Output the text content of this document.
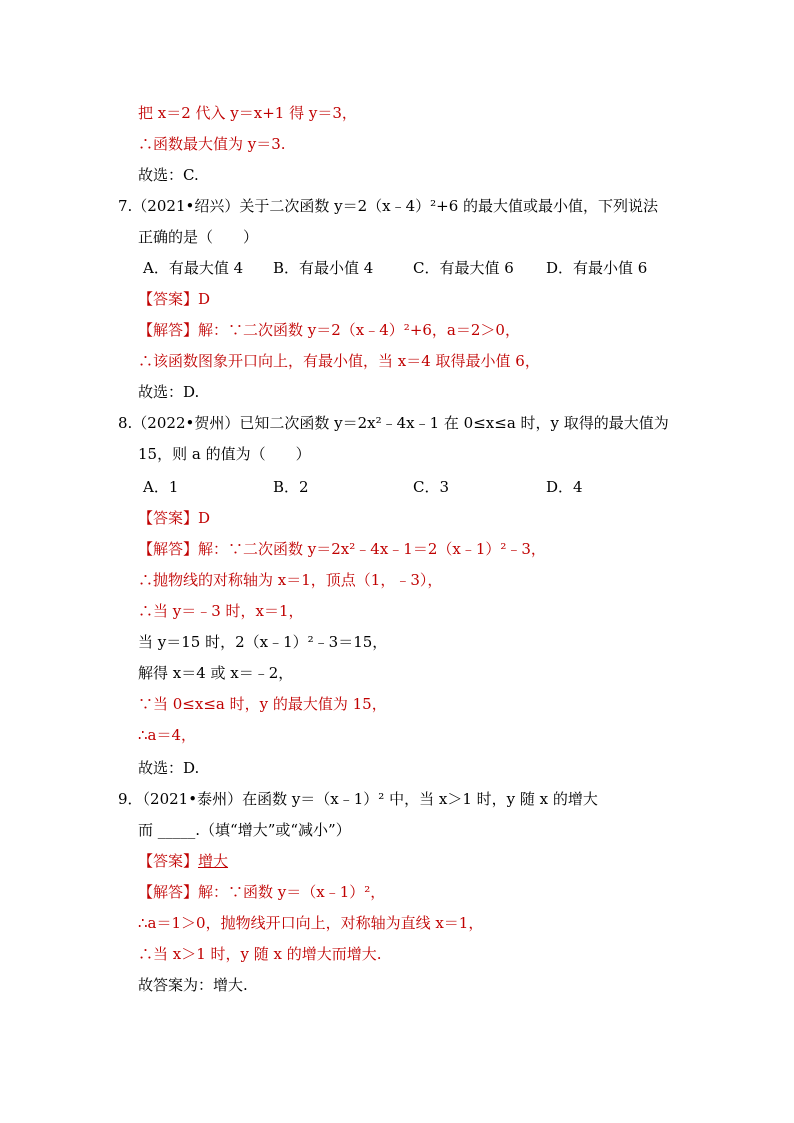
把 x＝2 代入 y＝x+1 得 y＝3，
∴函数最大值为 y＝3.
故选：C.
7.（2021•绍兴）关于二次函数 y＝2（x﹣4）²+6 的最大值或最小值，下列说法
正确的是（　　）
A．有最大值 4 B．有最小值 4	C．有最大值 6 D．有最小值 6
【答案】D
【解答】解：∵二次函数 y＝2（x﹣4）²+6，a＝2＞0，
∴该函数图象开口向上，有最小值，当 x＝4 取得最小值 6，
故选：D.
8.（2022•贺州）已知二次函数 y＝2x²﹣4x﹣1 在 0≤x≤a 时，y 取得的最大值为
15，则 a 的值为（　　）
A．1	B．2	C．3	D．4
【答案】D
【解答】解：∵二次函数 y＝2x²﹣4x﹣1＝2（x﹣1）²﹣3，
∴抛物线的对称轴为 x＝1，顶点（1，﹣3），
∴当 y＝﹣3 时，x＝1，
当 y＝15 时，2（x﹣1）²﹣3＝15，
解得 x＝4 或 x＝﹣2，
∵当 0≤x≤a 时，y 的最大值为 15，
∴a＝4，
故选：D.
9．（2021•泰州）在函数 y＝（x﹣1）² 中，当 x＞1 时，y 随 x 的增大
而 _____.（填“增大”或“减小”）
【答案】增大
【解答】解：∵函数 y＝（x﹣1）²，
∴a＝1＞0，抛物线开口向上，对称轴为直线 x＝1，
∴当 x＞1 时，y 随 x 的增大而增大.
故答案为：增大.
